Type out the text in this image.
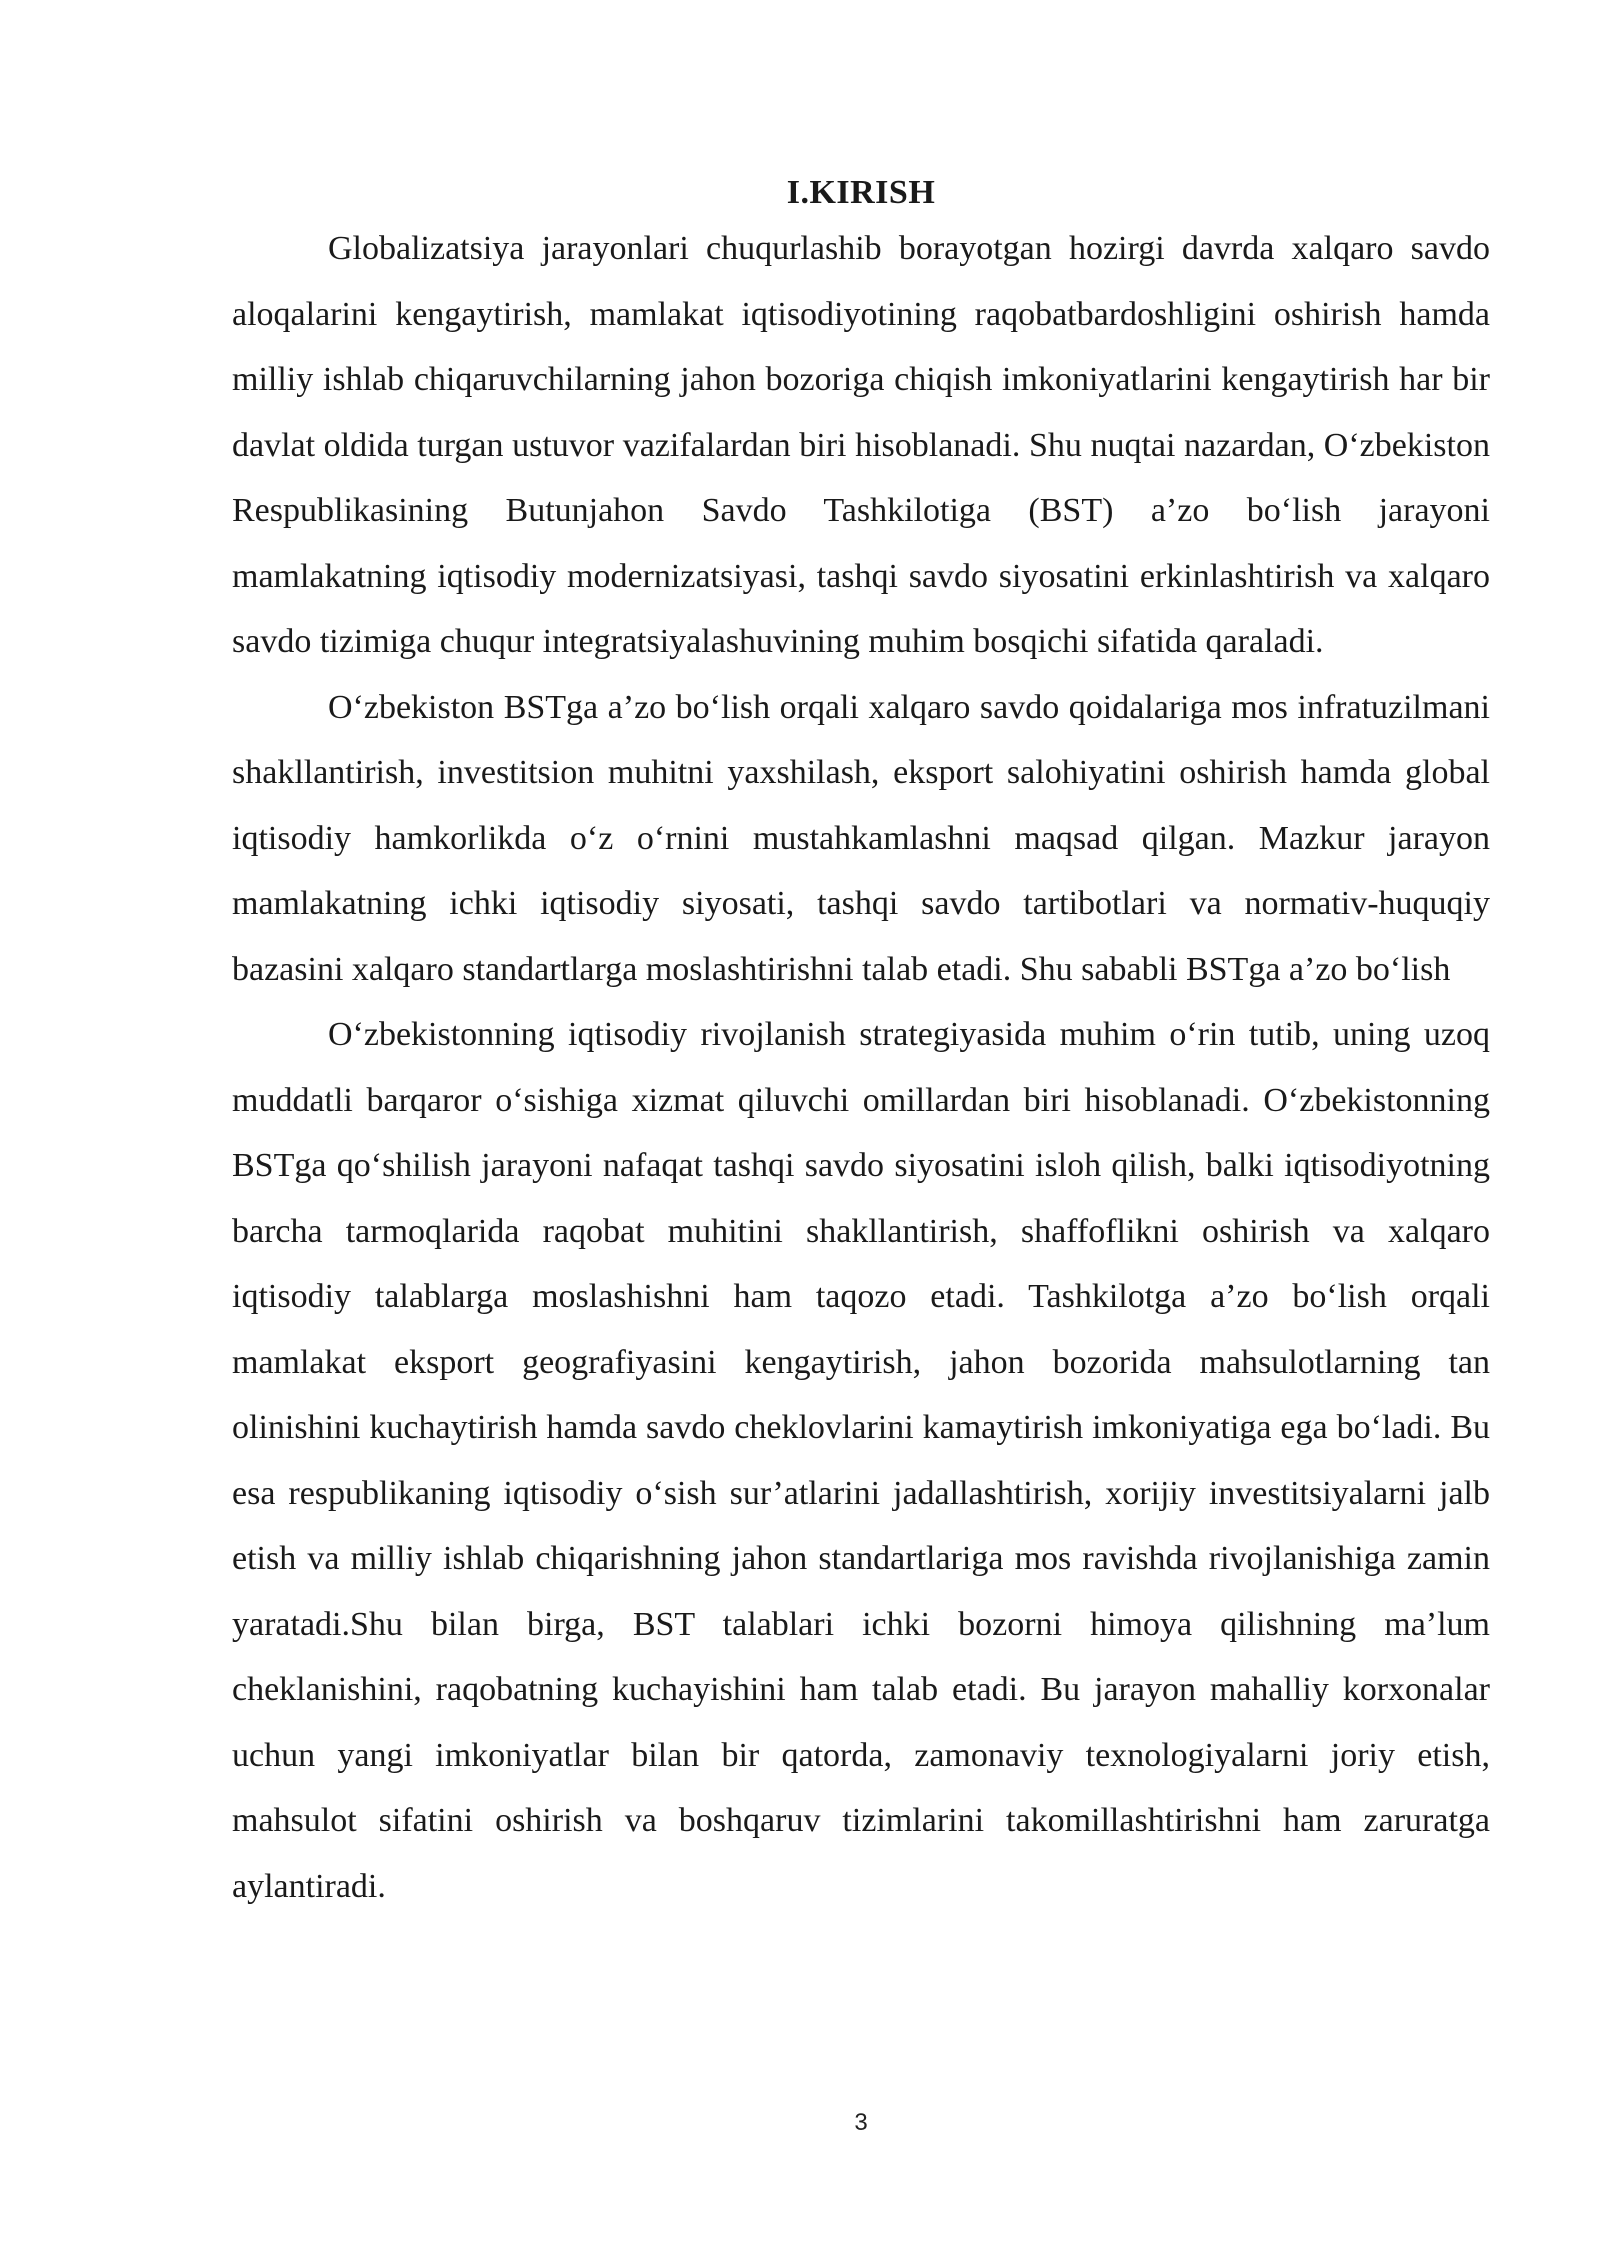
I.KIRISH

Globalizatsiya jarayonlari chuqurlashib borayotgan hozirgi davrda xalqaro savdo aloqalarini kengaytirish, mamlakat iqtisodiyotining raqobatbardoshligini oshirish hamda milliy ishlab chiqaruvchilarning jahon bozoriga chiqish imkoniyatlarini kengaytirish har bir davlat oldida turgan ustuvor vazifalardan biri hisoblanadi. Shu nuqtai nazardan, O‘zbekiston Respublikasining Butunjahon Savdo Tashkilotiga (BST) a’zo bo‘lish jarayoni mamlakatning iqtisodiy modernizatsiyasi, tashqi savdo siyosatini erkinlashtirish va xalqaro savdo tizimiga chuqur integratsiyalashuvining muhim bosqichi sifatida qaraladi.

O‘zbekiston BSTga a’zo bo‘lish orqali xalqaro savdo qoidalariga mos infratuzilmani shakllantirish, investitsion muhitni yaxshilash, eksport salohiyatini oshirish hamda global iqtisodiy hamkorlikda o‘z o‘rnini mustahkamlashni maqsad qilgan. Mazkur jarayon mamlakatning ichki iqtisodiy siyosati, tashqi savdo tartibotlari va normativ-huquqiy bazasini xalqaro standartlarga moslashtirishni talab etadi. Shu sababli BSTga a’zo bo‘lish

O‘zbekistonning iqtisodiy rivojlanish strategiyasida muhim o‘rin tutib, uning uzoq muddatli barqaror o‘sishiga xizmat qiluvchi omillardan biri hisoblanadi. O‘zbekistonning BSTga qo‘shilish jarayoni nafaqat tashqi savdo siyosatini isloh qilish, balki iqtisodiyotning barcha tarmoqlarida raqobat muhitini shakllantirish, shaffoflikni oshirish va xalqaro iqtisodiy talablarga moslashishni ham taqozo etadi. Tashkilotga a’zo bo‘lish orqali mamlakat eksport geografiyasini kengaytirish, jahon bozorida mahsulotlarning tan olinishini kuchaytirish hamda savdo cheklovlarini kamaytirish imkoniyatiga ega bo‘ladi. Bu esa respublikaning iqtisodiy o‘sish sur’atlarini jadallashtirish, xorijiy investitsiyalarni jalb etish va milliy ishlab chiqarishning jahon standartlariga mos ravishda rivojlanishiga zamin yaratadi.Shu bilan birga, BST talablari ichki bozorni himoya qilishning ma’lum cheklanishini, raqobatning kuchayishini ham talab etadi. Bu jarayon mahalliy korxonalar uchun yangi imkoniyatlar bilan bir qatorda, zamonaviy texnologiyalarni joriy etish, mahsulot sifatini oshirish va boshqaruv tizimlarini takomillashtirishni ham zaruratga aylantiradi.

3
